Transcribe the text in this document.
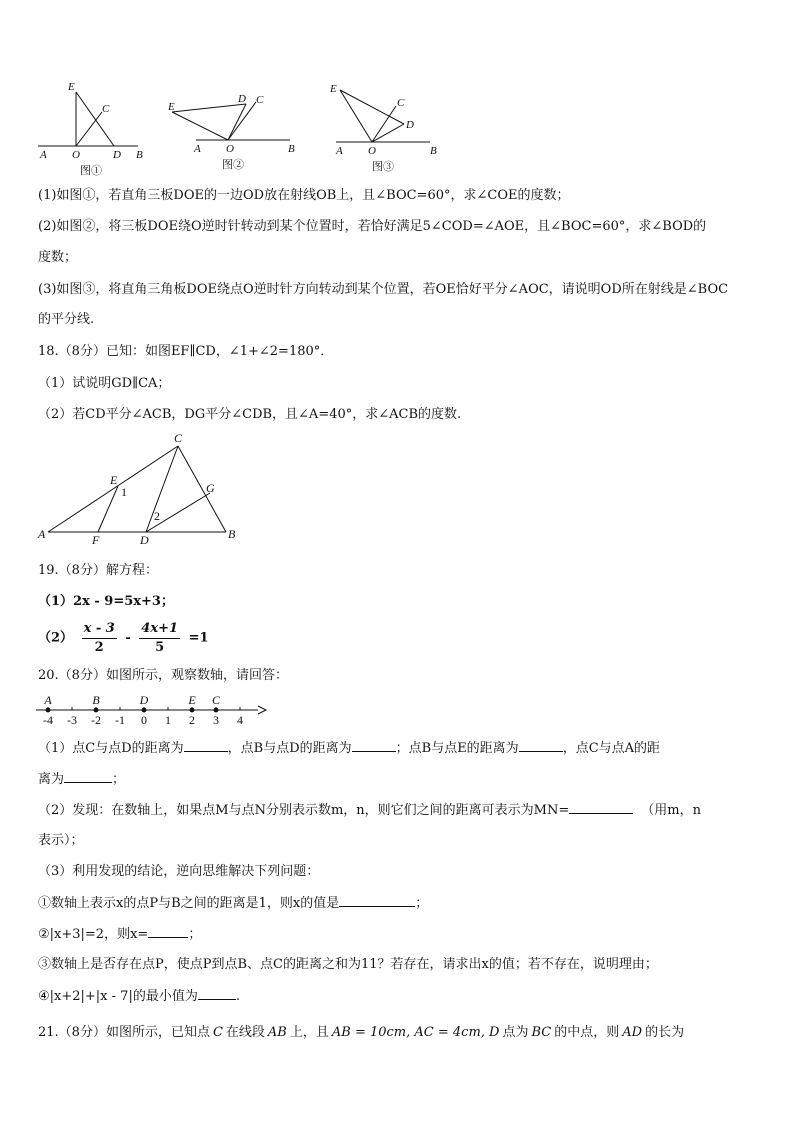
E
C
A O	D B
图①
E
D C
A O	B
图②
E
C
D
A O	B
图③
(1)如图①，若直角三板DOE的一边OD放在射线OB上，且∠BOC=60°，求∠COE的度数；
(2)如图②，将三板DOE绕O逆时针转动到某个位置时，若恰好满足5∠COD=∠AOE，且∠BOC=60°，求∠BOD的
度数；
(3)如图③，将直角三角板DOE绕点O逆时针方向转动到某个位置，若OE恰好平分∠AOC，请说明OD所在射线是∠BOC
的平分线.
18.（8分）已知：如图EF∥CD，∠1+∠2=180°．
（1）试说明GD∥CA；
（2）若CD平分∠ACB，DG平分∠CDB，且∠A=40°，求∠ACB的度数.
A	B
C
D
E
F
G
1
2
19.（8分）解方程：
（1）2x - 9=5x+3；
$(2) \frac{x - 3}{2} - \frac{4x+1}{5} =1$
20.（8分）如图所示，观察数轴，请回答：
-4 -3 -2 -1 0 1 2 3 4
A	B	D	E C
（1）点C与点D的距离为	，点B与点D的距离为	；点B与点E的距离为	，点C与点A的距
离为	；
（2）发现：在数轴上，如果点M与点N分别表示数m，n，则它们之间的距离可表示为MN=	（用m，n
表示）；
（3）利用发现的结论，逆向思维解决下列问题：
①数轴上表示x的点P与B之间的距离是1，则x的值是	；
②|x+3|=2，则x=	；
③数轴上是否存在点P，使点P到点B、点C的距离之和为11？若存在，请求出x的值；若不存在，说明理由；
④|x+2|+|x - 7|的最小值为	.
21.（8分）如图所示，已知点 C 在线段 AB 上，且 AB = 10cm, AC = 4cm, D 点为 BC 的中点，则 AD 的长为
